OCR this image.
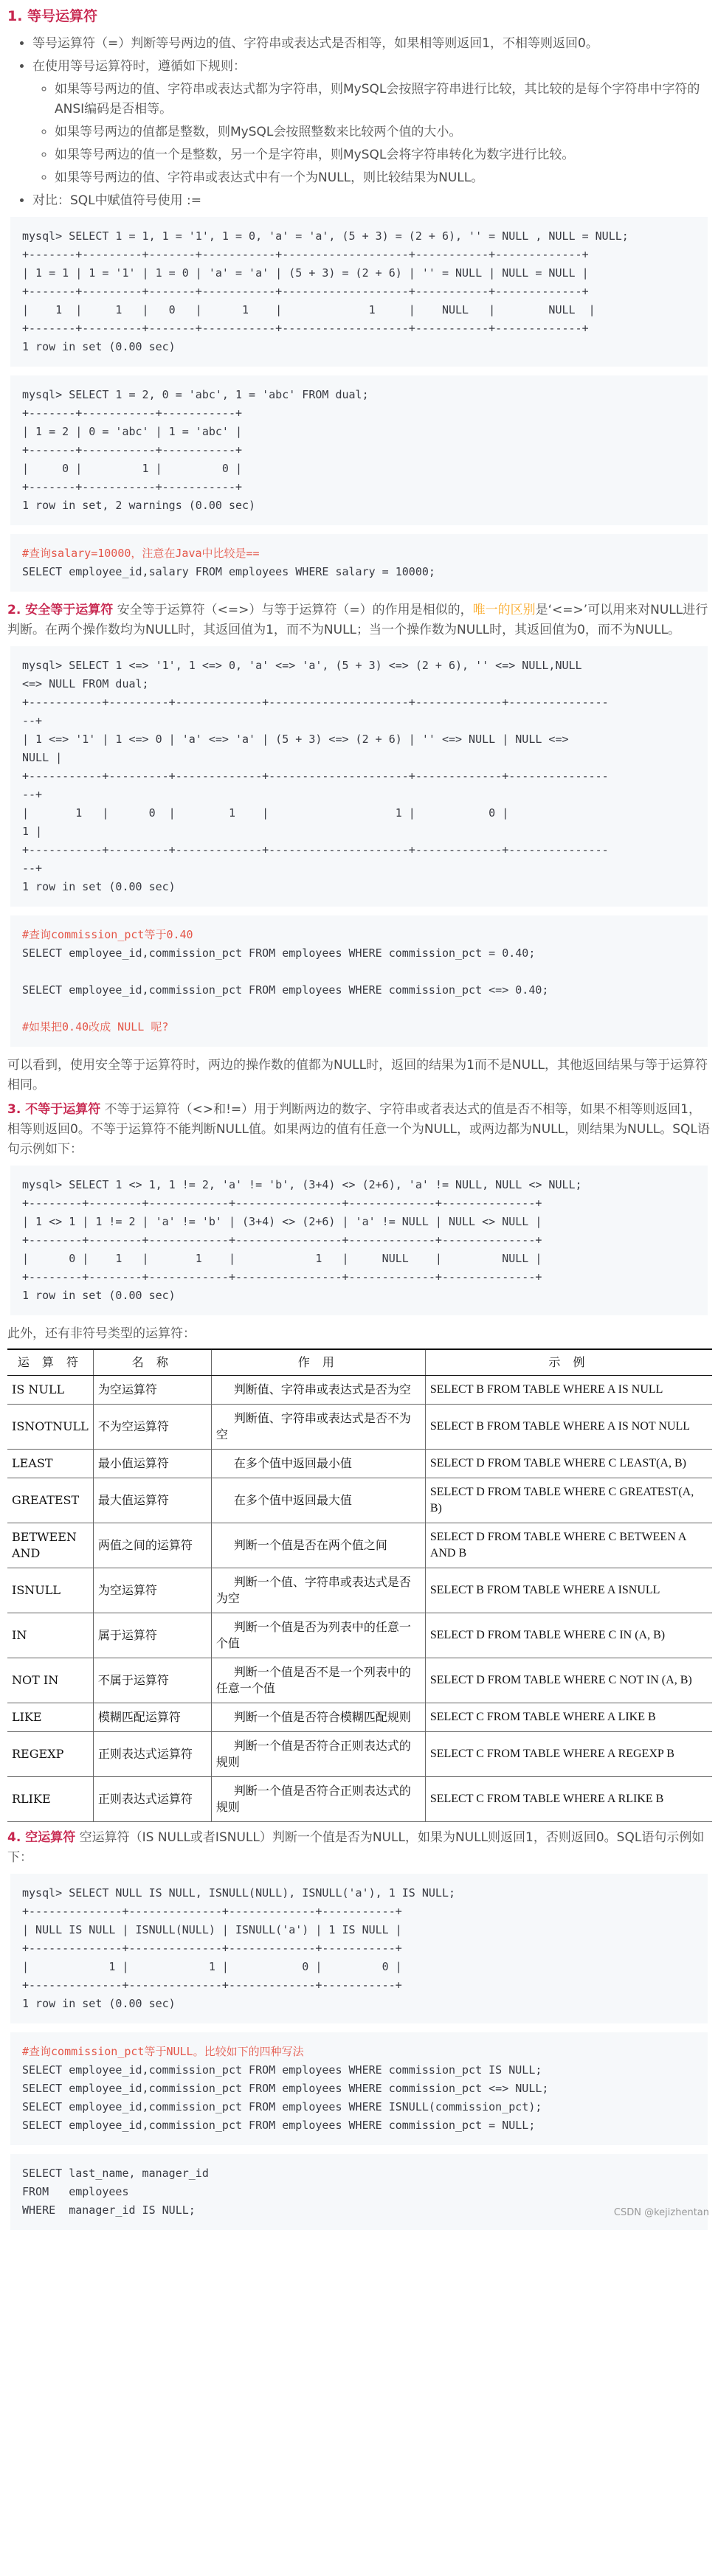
1. 等号运算符
• 等号运算符（=）判断等号两边的值、字符串或表达式是否相等，如果相等则返回1，不相等则返回0。
• 在使用等号运算符时，遵循如下规则：
◦ 如果等号两边的值、字符串或表达式都为字符串，则MySQL会按照字符串进行比较，其比较的是每个字符串中字符的ANSI编码是否相等。
◦ 如果等号两边的值都是整数，则MySQL会按照整数来比较两个值的大小。
◦ 如果等号两边的值一个是整数，另一个是字符串，则MySQL会将字符串转化为数字进行比较。
◦ 如果等号两边的值、字符串或表达式中有一个为NULL，则比较结果为NULL。
• 对比：SQL中赋值符号使用 :=
mysql> SELECT 1 = 1, 1 = '1', 1 = 0, 'a' = 'a', (5 + 3) = (2 + 6), '' = NULL , NULL = NULL;
+-------+---------+-------+-----------+-------------------+-----------+-------------+
| 1 = 1 | 1 = '1' | 1 = 0 | 'a' = 'a' | (5 + 3) = (2 + 6) | '' = NULL | NULL = NULL |
+-------+---------+-------+-----------+-------------------+-----------+-------------+
|    1  |     1   |   0   |      1    |             1     |    NULL   |        NULL  |
+-------+---------+-------+-----------+-------------------+-----------+-------------+
1 row in set (0.00 sec)
mysql> SELECT 1 = 2, 0 = 'abc', 1 = 'abc' FROM dual;
+-------+-----------+-----------+
| 1 = 2 | 0 = 'abc' | 1 = 'abc' |
+-------+-----------+-----------+
|     0 |         1 |         0 |
+-------+-----------+-----------+
1 row in set, 2 warnings (0.00 sec)
#查询salary=10000，注意在Java中比较是==
SELECT employee_id,salary FROM employees WHERE salary = 10000;
2. 安全等于运算符 安全等于运算符（<=>）与等于运算符（=）的作用是相似的，唯一的区别是‘<=>’可以用来对NULL进行判断。在两个操作数均为NULL时，其返回值为1，而不为NULL；当一个操作数为NULL时，其返回值为0，而不为NULL。
mysql> SELECT 1 <=> '1', 1 <=> 0, 'a' <=> 'a', (5 + 3) <=> (2 + 6), '' <=> NULL,NULL
<=> NULL FROM dual;
+-----------+---------+-------------+---------------------+-------------+---------------
--+
| 1 <=> '1' | 1 <=> 0 | 'a' <=> 'a' | (5 + 3) <=> (2 + 6) | '' <=> NULL | NULL <=>
NULL |
+-----------+---------+-------------+---------------------+-------------+---------------
--+
|       1   |      0  |        1    |                   1 |           0 |
1 |
+-----------+---------+-------------+---------------------+-------------+---------------
--+
1 row in set (0.00 sec)
#查询commission_pct等于0.40
SELECT employee_id,commission_pct FROM employees WHERE commission_pct = 0.40;

SELECT employee_id,commission_pct FROM employees WHERE commission_pct <=> 0.40;

#如果把0.40改成 NULL 呢?
可以看到，使用安全等于运算符时，两边的操作数的值都为NULL时，返回的结果为1而不是NULL，其他返回结果与等于运算符相同。
3. 不等于运算符 不等于运算符（<>和!=）用于判断两边的数字、字符串或者表达式的值是否不相等，如果不相等则返回1，相等则返回0。不等于运算符不能判断NULL值。如果两边的值有任意一个为NULL，或两边都为NULL，则结果为NULL。SQL语句示例如下：
mysql> SELECT 1 <> 1, 1 != 2, 'a' != 'b', (3+4) <> (2+6), 'a' != NULL, NULL <> NULL;
+--------+--------+------------+----------------+-------------+--------------+
| 1 <> 1 | 1 != 2 | 'a' != 'b' | (3+4) <> (2+6) | 'a' != NULL | NULL <> NULL |
+--------+--------+------------+----------------+-------------+--------------+
|      0 |    1   |       1    |            1   |     NULL    |         NULL |
+--------+--------+------------+----------------+-------------+--------------+
1 row in set (0.00 sec)
此外，还有非符号类型的运算符：
运 算 符	名 称	作 用	示 例
IS NULL	为空运算符	判断值、字符串或表达式是否为空	SELECT B FROM TABLE WHERE A IS NULL
ISNOTNULL	不为空运算符	判断值、字符串或表达式是否不为空	SELECT B FROM TABLE WHERE A IS NOT NULL
LEAST	最小值运算符	在多个值中返回最小值	SELECT D FROM TABLE WHERE C LEAST(A, B)
GREATEST	最大值运算符	在多个值中返回最大值	SELECT D FROM TABLE WHERE C GREATEST(A, B)
BETWEEN AND	两值之间的运算符	判断一个值是否在两个值之间	SELECT D FROM TABLE WHERE C BETWEEN A AND B
ISNULL	为空运算符	判断一个值、字符串或表达式是否为空	SELECT B FROM TABLE WHERE A ISNULL
IN	属于运算符	判断一个值是否为列表中的任意一个值	SELECT D FROM TABLE WHERE C IN (A, B)
NOT IN	不属于运算符	判断一个值是否不是一个列表中的任意一个值	SELECT D FROM TABLE WHERE C NOT IN (A, B)
LIKE	模糊匹配运算符	判断一个值是否符合模糊匹配规则	SELECT C FROM TABLE WHERE A LIKE B
REGEXP	正则表达式运算符	判断一个值是否符合正则表达式的规则	SELECT C FROM TABLE WHERE A REGEXP B
RLIKE	正则表达式运算符	判断一个值是否符合正则表达式的规则	SELECT C FROM TABLE WHERE A RLIKE B
4. 空运算符 空运算符（IS NULL或者ISNULL）判断一个值是否为NULL，如果为NULL则返回1，否则返回0。SQL语句示例如下：
mysql> SELECT NULL IS NULL, ISNULL(NULL), ISNULL('a'), 1 IS NULL;
+--------------+--------------+-------------+-----------+
| NULL IS NULL | ISNULL(NULL) | ISNULL('a') | 1 IS NULL |
+--------------+--------------+-------------+-----------+
|            1 |            1 |           0 |         0 |
+--------------+--------------+-------------+-----------+
1 row in set (0.00 sec)
#查询commission_pct等于NULL。比较如下的四种写法
SELECT employee_id,commission_pct FROM employees WHERE commission_pct IS NULL;
SELECT employee_id,commission_pct FROM employees WHERE commission_pct <=> NULL;
SELECT employee_id,commission_pct FROM employees WHERE ISNULL(commission_pct);
SELECT employee_id,commission_pct FROM employees WHERE commission_pct = NULL;
SELECT last_name, manager_id
FROM   employees
WHERE  manager_id IS NULL;	CSDN @kejizhentan
